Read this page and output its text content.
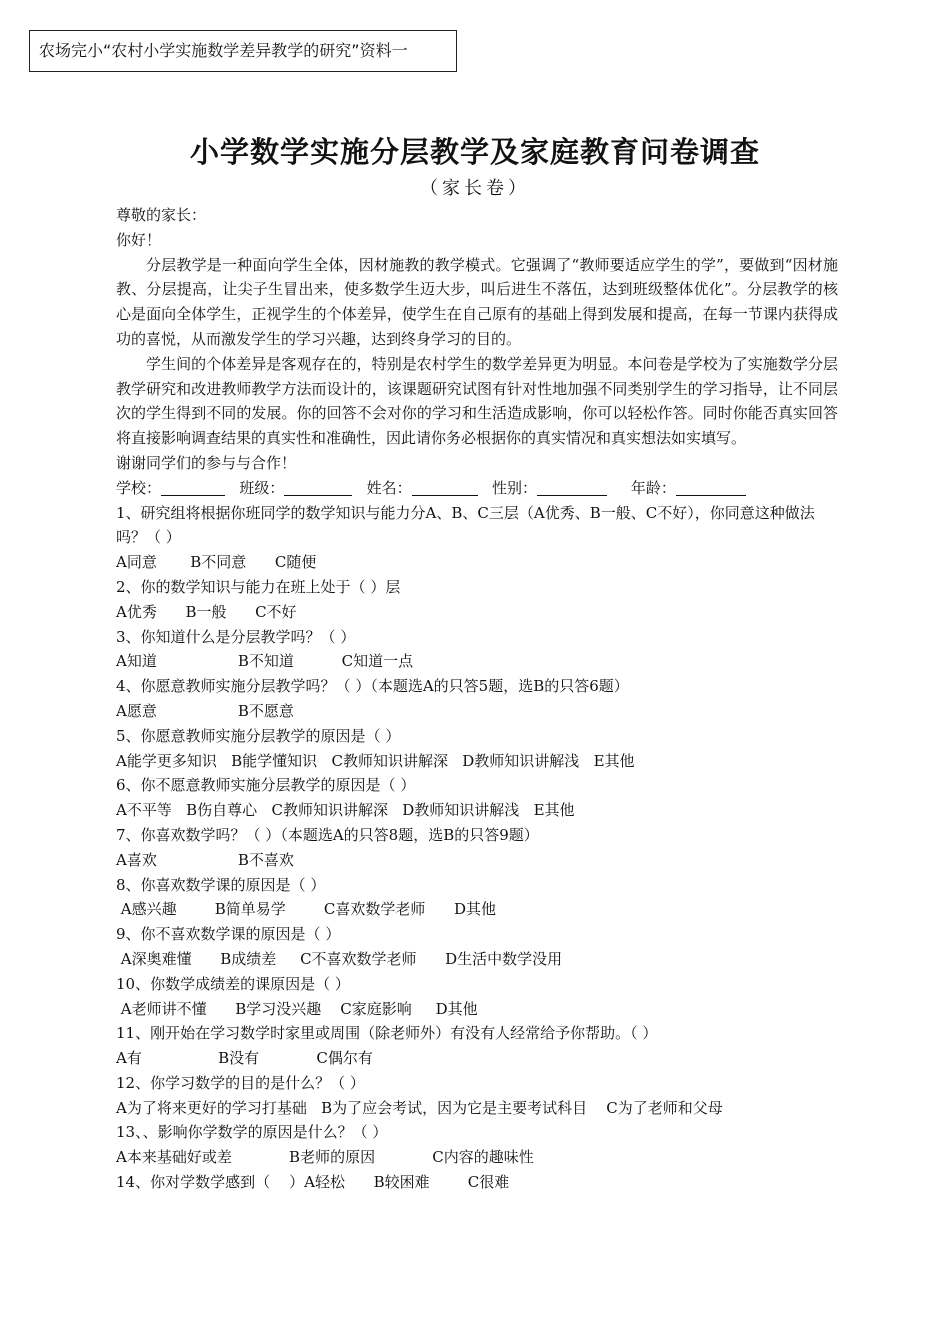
农场完小“农村小学实施数学差异教学的研究”资料一
小学数学实施分层教学及家庭教育问卷调查
（家长卷）

尊敬的家长：

你好！

分层教学是一种面向学生全体，因材施教的教学模式。它强调了“教师要适应学生的学”，要做到“因材施教、分层提高，让尖子生冒出来，使多数学生迈大步，叫后进生不落伍，达到班级整体优化”。分层教学的核心是面向全体学生，正视学生的个体差异，使学生在自己原有的基础上得到发展和提高，在每一节课内获得成功的喜悦，从而激发学生的学习兴趣，达到终身学习的目的。

学生间的个体差异是客观存在的，特别是农村学生的数学差异更为明显。本问卷是学校为了实施数学分层教学研究和改进教师教学方法而设计的，该课题研究试图有针对性地加强不同类别学生的学习指导，让不同层次的学生得到不同的发展。你的回答不会对你的学习和生活造成影响，你可以轻松作答。同时你能否真实回答将直接影响调查结果的真实性和准确性，因此请你务必根据你的真实情况和真实想法如实填写。

谢谢同学们的参与与合作！

学校：	班级：	姓名：	性别：	年龄：

1、研究组将根据你班同学的数学知识与能力分A、B、C三层（A优秀、B一般、C不好），你同意这种做法吗？（ ）

A同意       B不同意      C随便

2、你的数学知识与能力在班上处于（ ）层

A优秀      B一般      C不好

3、你知道什么是分层教学吗？（ ）

A知道                 B不知道          C知道一点

4、你愿意教师实施分层教学吗？（ ）（本题选A的只答5题，选B的只答6题）

A愿意                 B不愿意

5、你愿意教师实施分层教学的原因是（ ）

A能学更多知识   B能学懂知识   C教师知识讲解深   D教师知识讲解浅   E其他

6、你不愿意教师实施分层教学的原因是（ ）

A不平等   B伤自尊心   C教师知识讲解深   D教师知识讲解浅   E其他

7、你喜欢数学吗？（ ）（本题选A的只答8题，选B的只答9题）

A喜欢                 B不喜欢

8、你喜欢数学课的原因是（ ）

A感兴趣        B简单易学        C喜欢数学老师      D其他

9、你不喜欢数学课的原因是（ ）

A深奥难懂      B成绩差     C不喜欢数学老师      D生活中数学没用

10、你数学成绩差的课原因是（ ）

A老师讲不懂      B学习没兴趣    C家庭影响     D其他

11、刚开始在学习数学时家里或周围（除老师外）有没有人经常给予你帮助。（ ）

A有                B没有            C偶尔有

12、你学习数学的目的是什么？（ ）

A为了将来更好的学习打基础   B为了应会考试，因为它是主要考试科目    C为了老师和父母

13、、影响你学数学的原因是什么？（ ）

A本来基础好或差            B老师的原因            C内容的趣味性

14、你对学数学感到（    ）A轻松      B较困难        C很难
